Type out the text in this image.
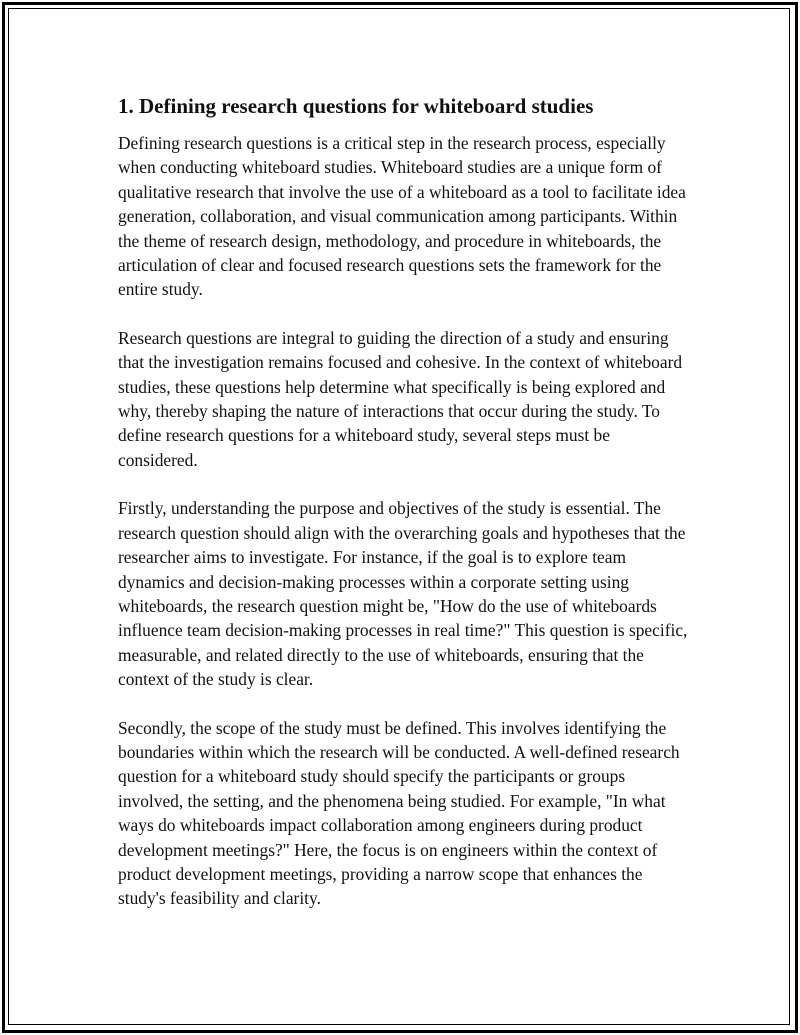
1. Defining research questions for whiteboard studies

Defining research questions is a critical step in the research process, especially when conducting whiteboard studies. Whiteboard studies are a unique form of qualitative research that involve the use of a whiteboard as a tool to facilitate idea generation, collaboration, and visual communication among participants. Within the theme of research design, methodology, and procedure in whiteboards, the articulation of clear and focused research questions sets the framework for the entire study.

Research questions are integral to guiding the direction of a study and ensuring that the investigation remains focused and cohesive. In the context of whiteboard studies, these questions help determine what specifically is being explored and why, thereby shaping the nature of interactions that occur during the study. To define research questions for a whiteboard study, several steps must be considered.

Firstly, understanding the purpose and objectives of the study is essential. The research question should align with the overarching goals and hypotheses that the researcher aims to investigate. For instance, if the goal is to explore team dynamics and decision-making processes within a corporate setting using whiteboards, the research question might be, "How do the use of whiteboards influence team decision-making processes in real time?" This question is specific, measurable, and related directly to the use of whiteboards, ensuring that the context of the study is clear.

Secondly, the scope of the study must be defined. This involves identifying the boundaries within which the research will be conducted. A well-defined research question for a whiteboard study should specify the participants or groups involved, the setting, and the phenomena being studied. For example, "In what ways do whiteboards impact collaboration among engineers during product development meetings?" Here, the focus is on engineers within the context of product development meetings, providing a narrow scope that enhances the study's feasibility and clarity.
